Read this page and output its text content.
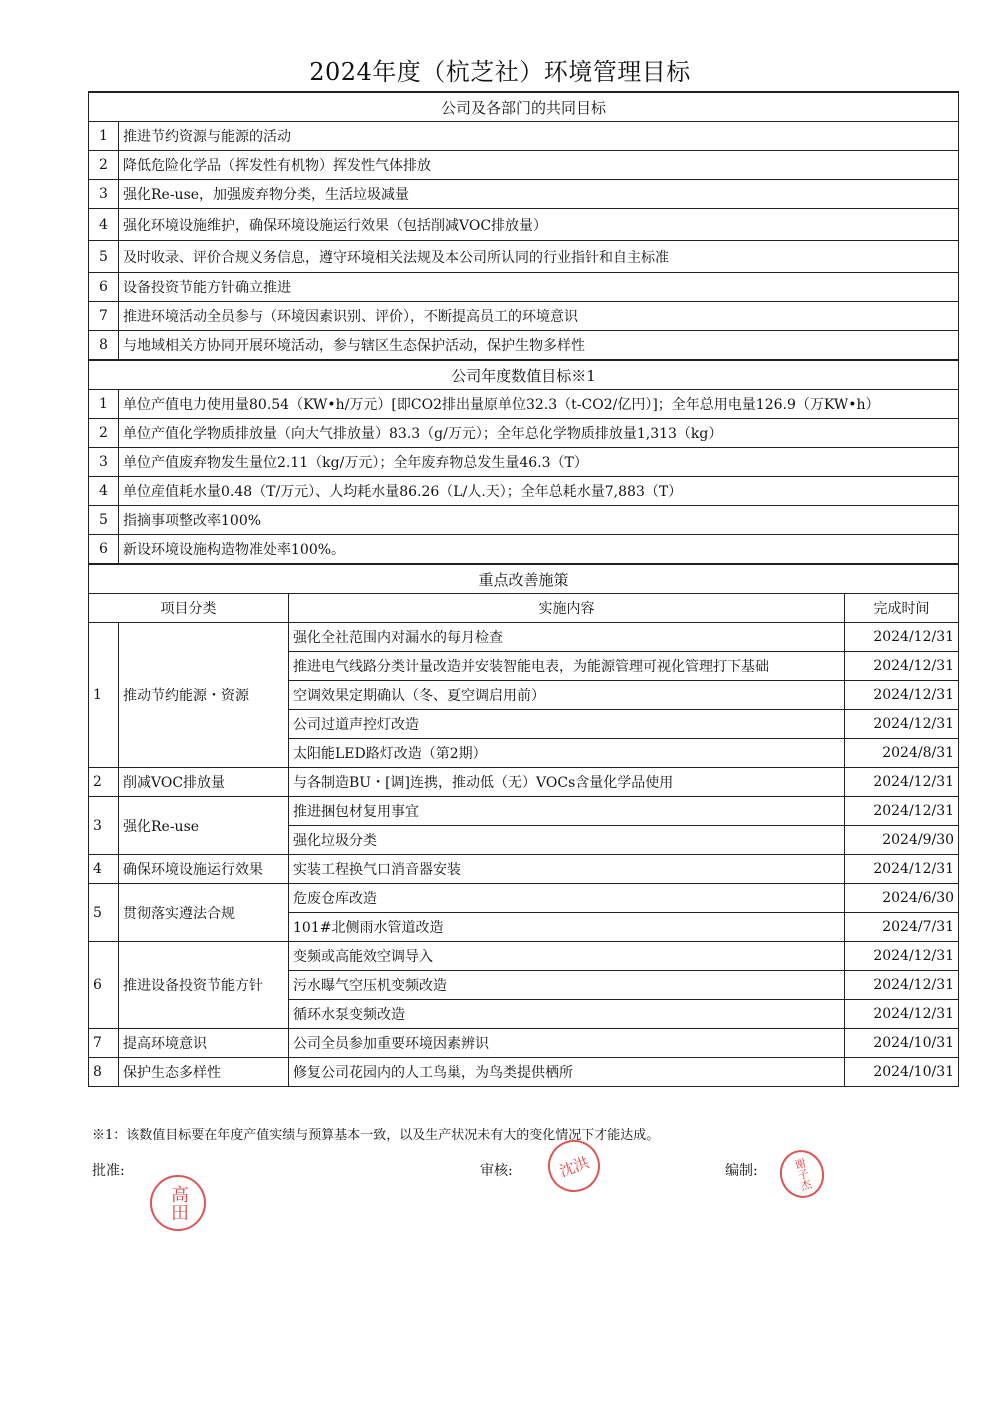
2024年度（杭芝社）环境管理目标
公司及各部门的共同目标			
1	推进节约资源与能源的活动		
2	降低危险化学品（挥发性有机物）挥发性气体排放		
3	强化Re-use，加强废弃物分类，生活垃圾减量		
4	强化环境设施维护，确保环境设施运行效果（包括削减VOC排放量）		
5	及时收录、评价合规义务信息，遵守环境相关法规及本公司所认同的行业指针和自主标准		
6	设备投资节能方针确立推进		
7	推进环境活动全员参与（环境因素识别、评价），不断提高员工的环境意识		
8	与地域相关方协同开展环境活动，参与辖区生态保护活动，保护生物多样性		
公司年度数值目标※1			
1	单位产值电力使用量80.54（KW•h/万元）[即CO2排出量原单位32.3（t-CO2/亿円）]；全年总用电量126.9（万KW•h）		
2	单位产值化学物质排放量（向大气排放量）83.3（g/万元）；全年总化学物质排放量1,313（kg）		
3	单位产值废弃物发生量位2.11（kg/万元）；全年废弃物总发生量46.3（T）		
4	单位産值耗水量0.48（T/万元）、人均耗水量86.26（L/人.天）；全年总耗水量7,883（T）		
5	指摘事项整改率100%		
6	新设环境设施构造物准处率100%。		
重点改善施策			
项目分类		实施内容	完成时间
1	推动节约能源・资源	强化全社范围内对漏水的每月检查	2024/12/31
		推进电气线路分类计量改造并安装智能电表，为能源管理可视化管理打下基础	2024/12/31
		空调效果定期确认（冬、夏空调启用前）	2024/12/31
		公司过道声控灯改造	2024/12/31
		太阳能LED路灯改造（第2期）	2024/8/31
2	削减VOC排放量	与各制造BU・[调]连携，推动低（无）VOCs含量化学品使用	2024/12/31
3	强化Re-use	推进捆包材复用事宜	2024/12/31
		强化垃圾分类	2024/9/30
4	确保环境设施运行效果	实装工程换气口消音器安装	2024/12/31
5	贯彻落实遵法合规	危废仓库改造	2024/6/30
		101#北侧雨水管道改造	2024/7/31
6	推进设备投资节能方针	变频或高能效空调导入	2024/12/31
		污水曝气空压机变频改造	2024/12/31
		循环水泵变频改造	2024/12/31
7	提高环境意识	公司全员参加重要环境因素辨识	2024/10/31
8	保护生态多样性	修复公司花园内的人工鸟巢，为鸟类提供栖所	2024/10/31
※1：该数值目标要在年度产值实绩与预算基本一致，以及生产状况未有大的变化情况下才能达成。
批准:	审核:	编制:
高田
沈洪	谢子杰
